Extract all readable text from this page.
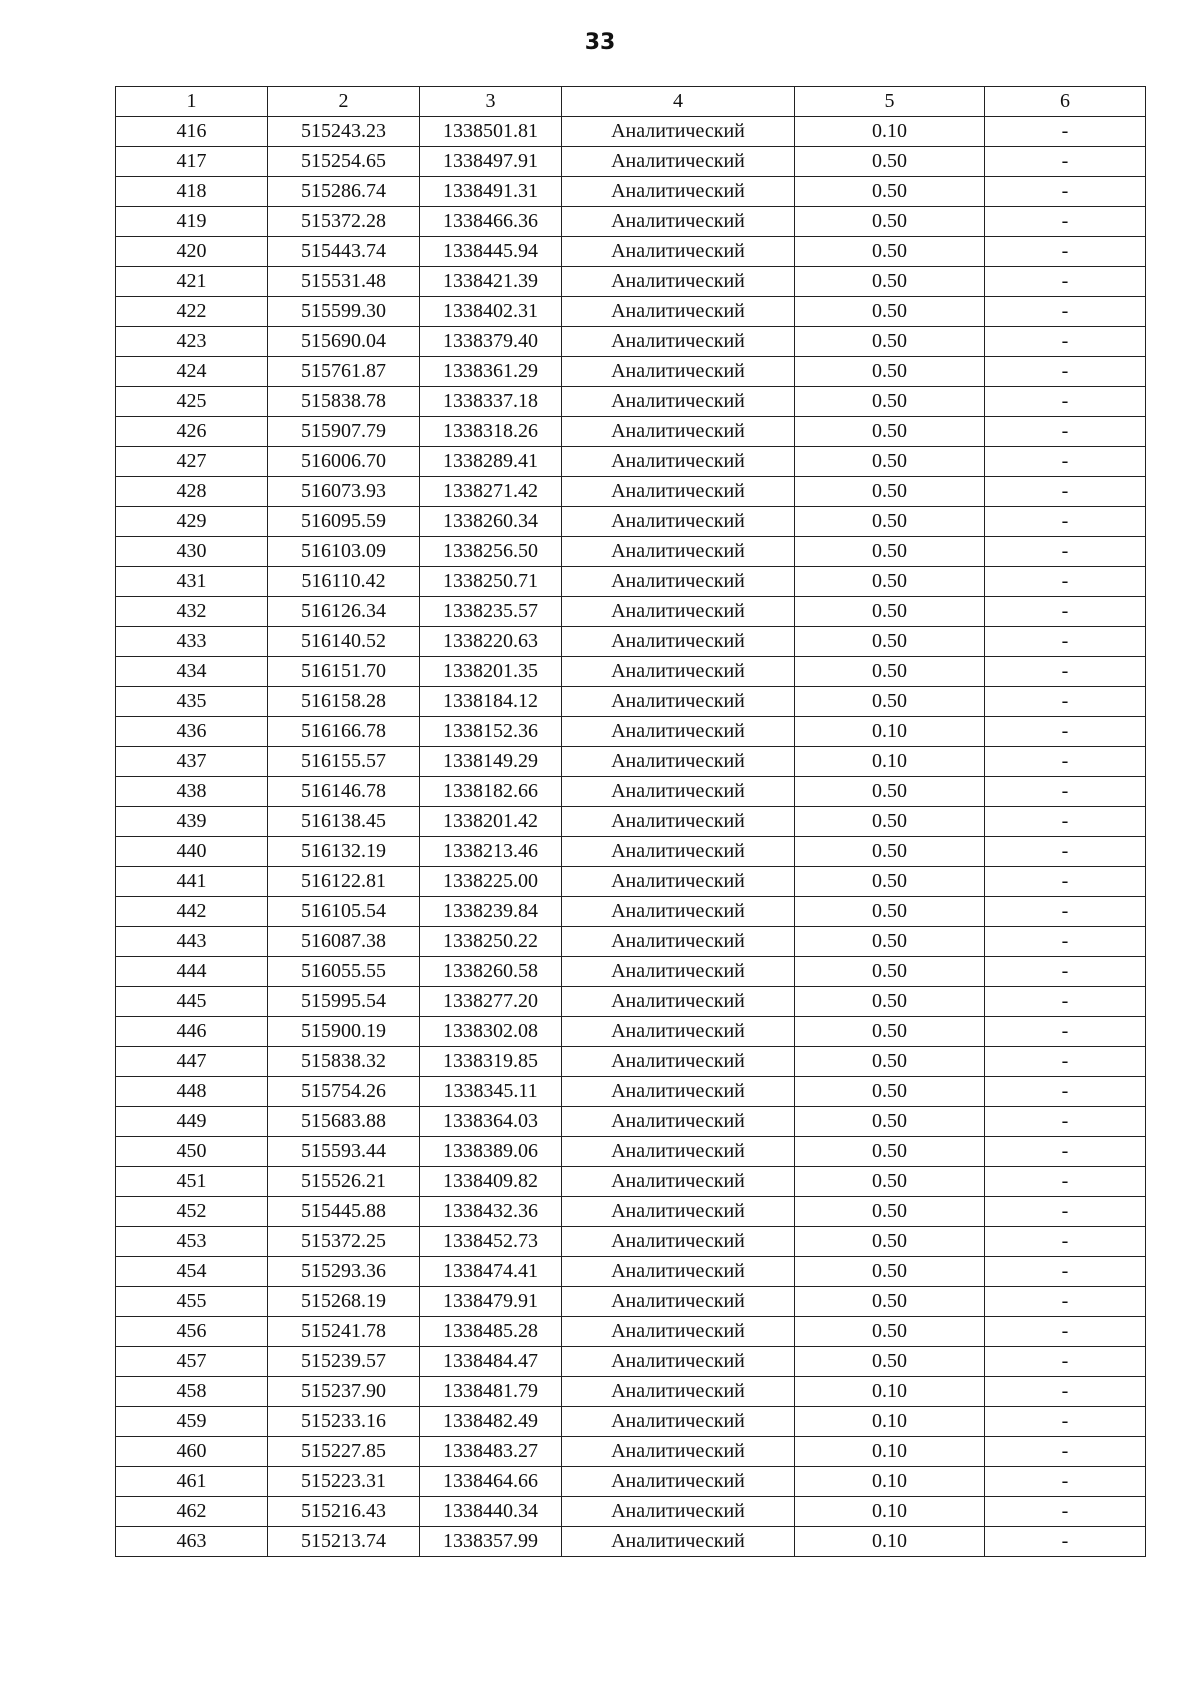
33
1	2	3	4	5	6
416	515243.23	1338501.81	Аналитический	0.10	-
417	515254.65	1338497.91	Аналитический	0.50	-
418	515286.74	1338491.31	Аналитический	0.50	-
419	515372.28	1338466.36	Аналитический	0.50	-
420	515443.74	1338445.94	Аналитический	0.50	-
421	515531.48	1338421.39	Аналитический	0.50	-
422	515599.30	1338402.31	Аналитический	0.50	-
423	515690.04	1338379.40	Аналитический	0.50	-
424	515761.87	1338361.29	Аналитический	0.50	-
425	515838.78	1338337.18	Аналитический	0.50	-
426	515907.79	1338318.26	Аналитический	0.50	-
427	516006.70	1338289.41	Аналитический	0.50	-
428	516073.93	1338271.42	Аналитический	0.50	-
429	516095.59	1338260.34	Аналитический	0.50	-
430	516103.09	1338256.50	Аналитический	0.50	-
431	516110.42	1338250.71	Аналитический	0.50	-
432	516126.34	1338235.57	Аналитический	0.50	-
433	516140.52	1338220.63	Аналитический	0.50	-
434	516151.70	1338201.35	Аналитический	0.50	-
435	516158.28	1338184.12	Аналитический	0.50	-
436	516166.78	1338152.36	Аналитический	0.10	-
437	516155.57	1338149.29	Аналитический	0.10	-
438	516146.78	1338182.66	Аналитический	0.50	-
439	516138.45	1338201.42	Аналитический	0.50	-
440	516132.19	1338213.46	Аналитический	0.50	-
441	516122.81	1338225.00	Аналитический	0.50	-
442	516105.54	1338239.84	Аналитический	0.50	-
443	516087.38	1338250.22	Аналитический	0.50	-
444	516055.55	1338260.58	Аналитический	0.50	-
445	515995.54	1338277.20	Аналитический	0.50	-
446	515900.19	1338302.08	Аналитический	0.50	-
447	515838.32	1338319.85	Аналитический	0.50	-
448	515754.26	1338345.11	Аналитический	0.50	-
449	515683.88	1338364.03	Аналитический	0.50	-
450	515593.44	1338389.06	Аналитический	0.50	-
451	515526.21	1338409.82	Аналитический	0.50	-
452	515445.88	1338432.36	Аналитический	0.50	-
453	515372.25	1338452.73	Аналитический	0.50	-
454	515293.36	1338474.41	Аналитический	0.50	-
455	515268.19	1338479.91	Аналитический	0.50	-
456	515241.78	1338485.28	Аналитический	0.50	-
457	515239.57	1338484.47	Аналитический	0.50	-
458	515237.90	1338481.79	Аналитический	0.10	-
459	515233.16	1338482.49	Аналитический	0.10	-
460	515227.85	1338483.27	Аналитический	0.10	-
461	515223.31	1338464.66	Аналитический	0.10	-
462	515216.43	1338440.34	Аналитический	0.10	-
463	515213.74	1338357.99	Аналитический	0.10	-
